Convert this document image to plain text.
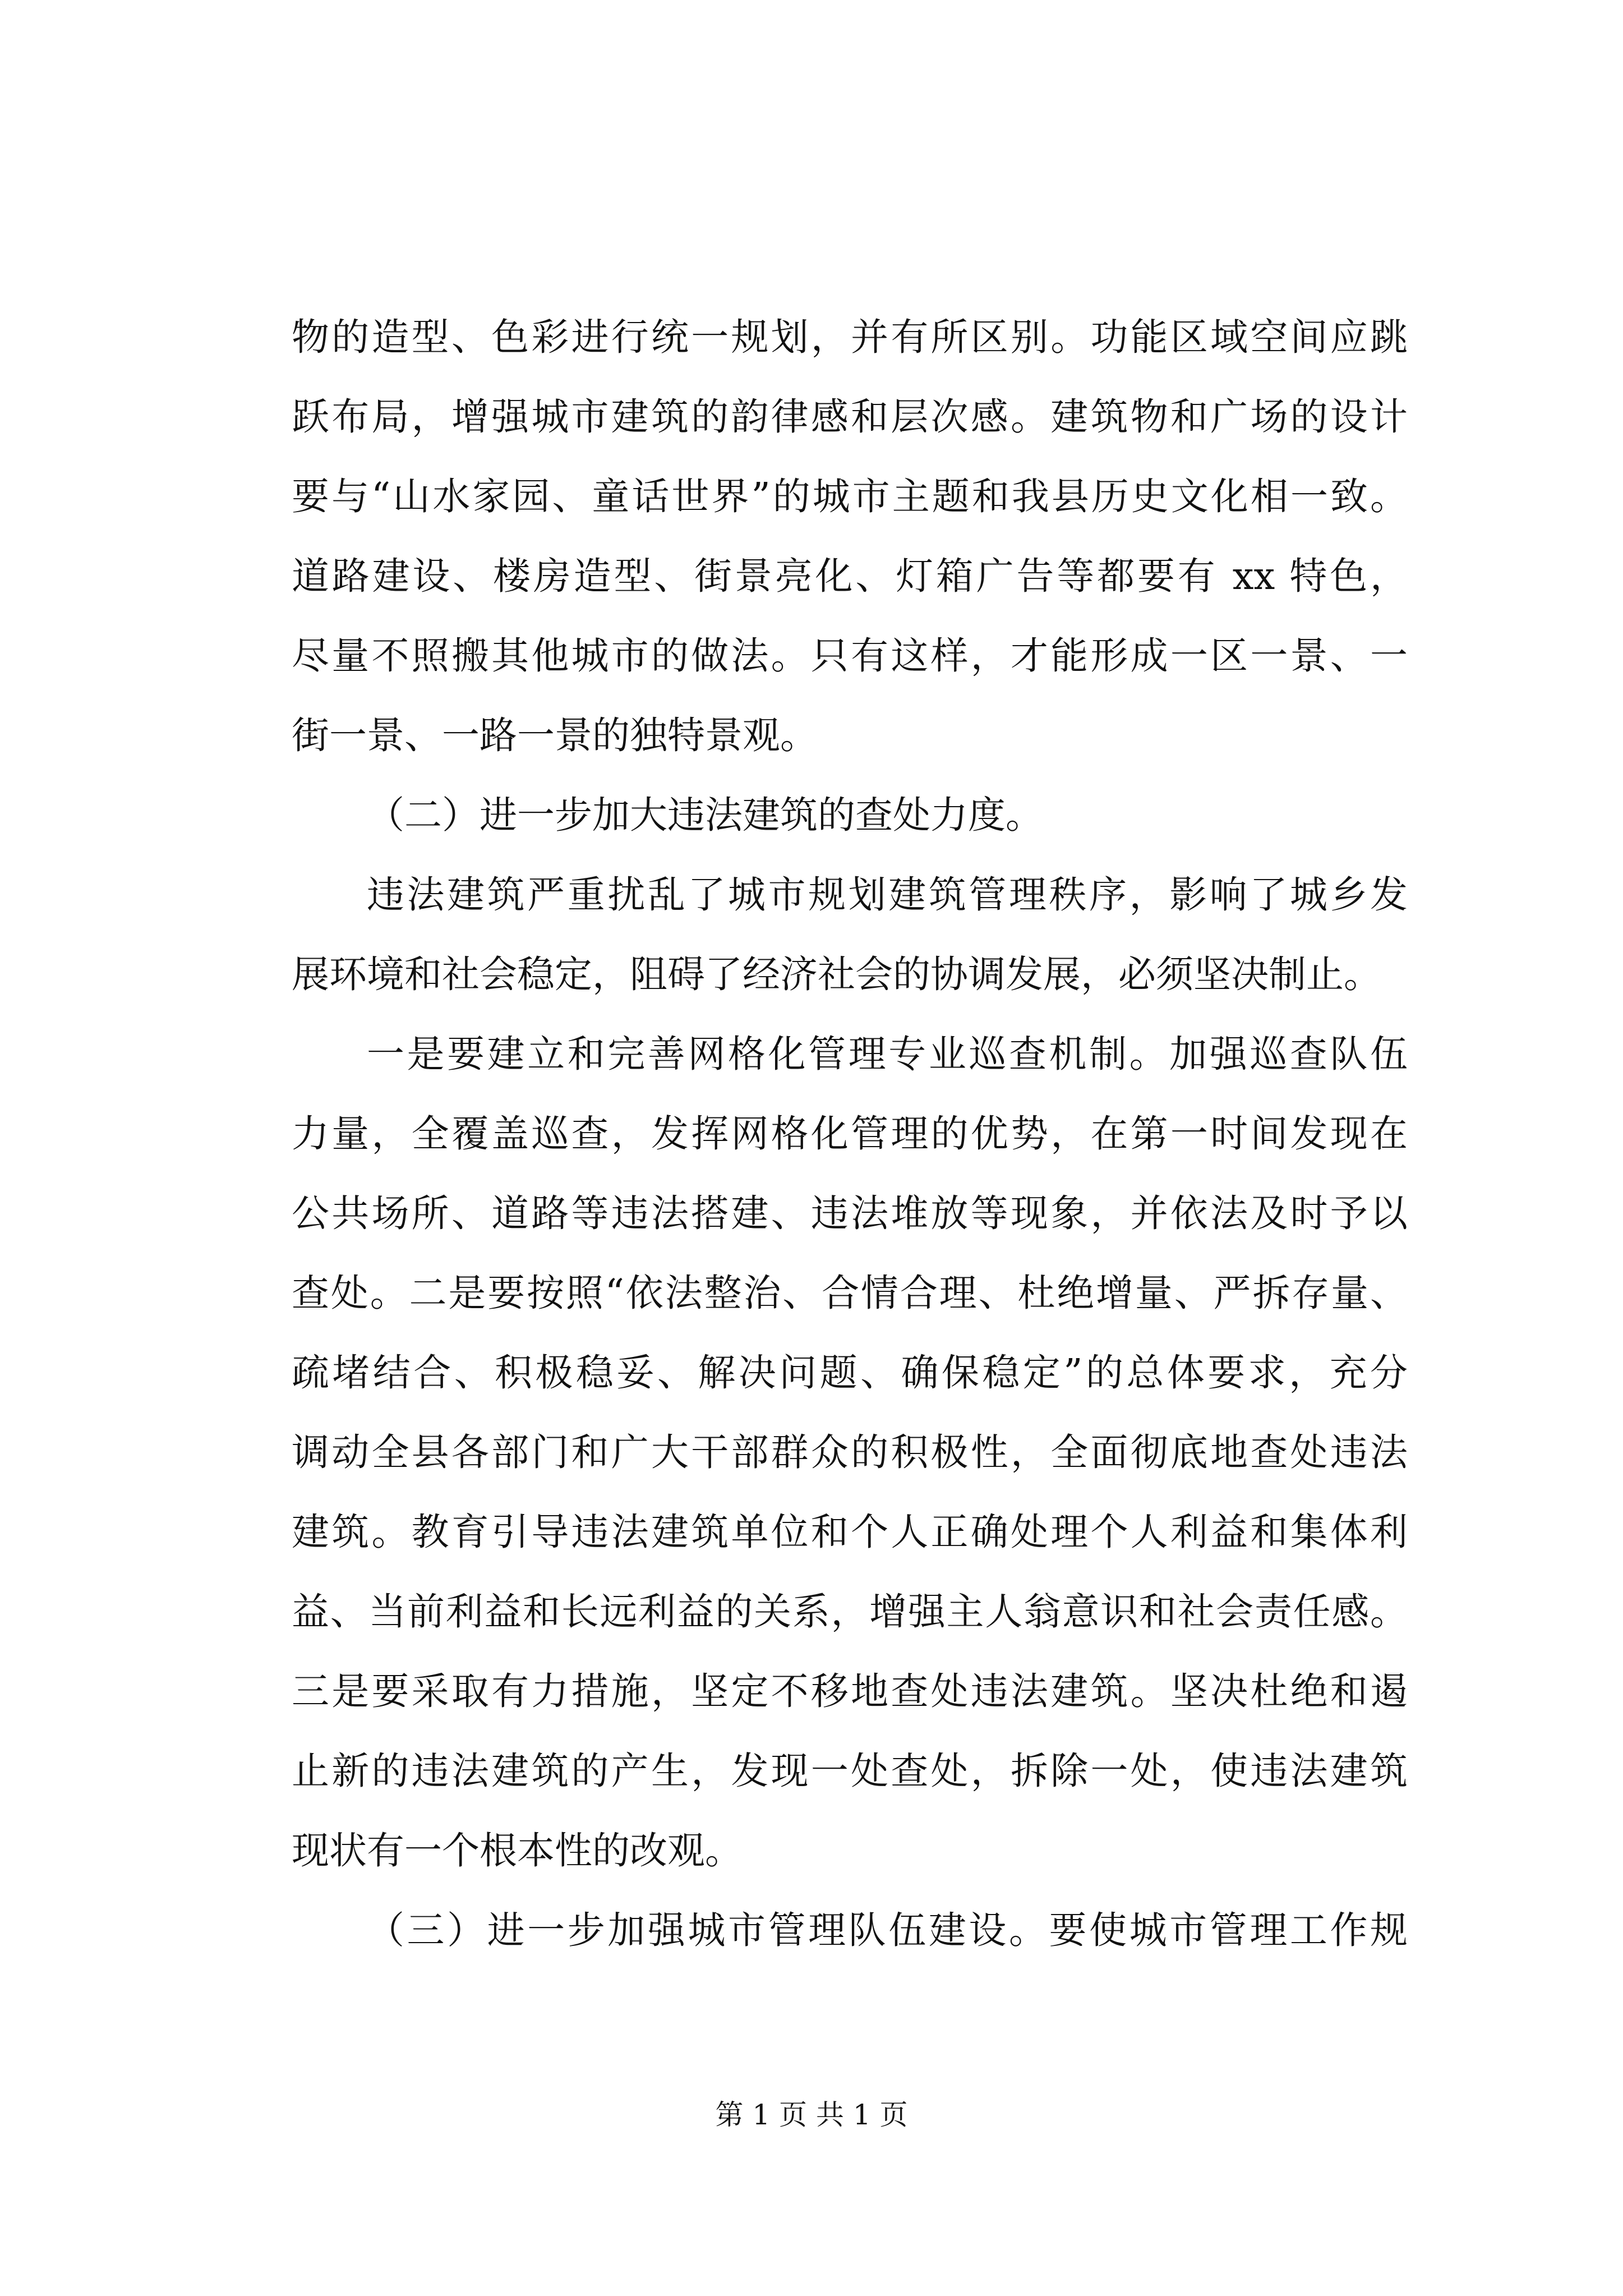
物的造型、色彩进行统一规划，并有所区别。功能区域空间应跳
跃布局，增强城市建筑的韵律感和层次感。建筑物和广场的设计
要与“山水家园、童话世界”的城市主题和我县历史文化相一致。
道路建设、楼房造型、街景亮化、灯箱广告等都要有 xx 特色，
尽量不照搬其他城市的做法。只有这样，才能形成一区一景、一
街一景、一路一景的独特景观。
（二）进一步加大违法建筑的查处力度。
违法建筑严重扰乱了城市规划建筑管理秩序，影响了城乡发
展环境和社会稳定，阻碍了经济社会的协调发展，必须坚决制止。
一是要建立和完善网格化管理专业巡查机制。加强巡查队伍
力量，全覆盖巡查，发挥网格化管理的优势，在第一时间发现在
公共场所、道路等违法搭建、违法堆放等现象，并依法及时予以
查处。二是要按照“依法整治、合情合理、杜绝增量、严拆存量、
疏堵结合、积极稳妥、解决问题、确保稳定”的总体要求，充分
调动全县各部门和广大干部群众的积极性，全面彻底地查处违法
建筑。教育引导违法建筑单位和个人正确处理个人利益和集体利
益、当前利益和长远利益的关系，增强主人翁意识和社会责任感。
三是要采取有力措施，坚定不移地查处违法建筑。坚决杜绝和遏
止新的违法建筑的产生，发现一处查处，拆除一处，使违法建筑
现状有一个根本性的改观。
（三）进一步加强城市管理队伍建设。要使城市管理工作规
第 1 页 共 1 页
